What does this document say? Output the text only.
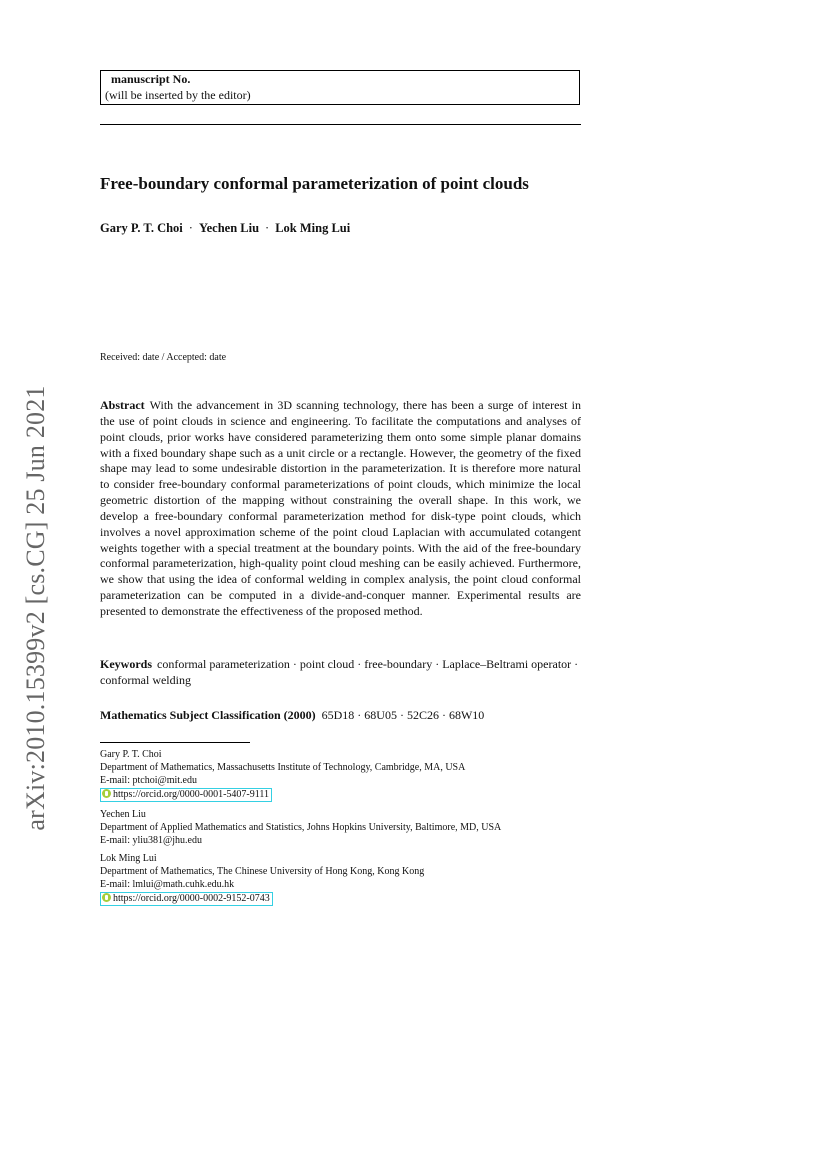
arXiv:2010.15399v2 [cs.CG] 25 Jun 2021
manuscript No.
(will be inserted by the editor)
Free-boundary conformal parameterization of point clouds
Gary P. T. Choi · Yechen Liu · Lok Ming Lui
Received: date / Accepted: date

Abstract With the advancement in 3D scanning technology, there has been a surge of interest in the use of point clouds in science and engineering. To facilitate the computations and analyses of point clouds, prior works have considered parameterizing them onto some simple planar domains with a fixed boundary shape such as a unit circle or a rectangle. However, the geometry of the fixed shape may lead to some undesirable distortion in the parameterization. It is therefore more natural to consider free-boundary conformal parameterizations of point clouds, which minimize the local geometric distortion of the mapping without constraining the overall shape. In this work, we develop a free-boundary conformal parameterization method for disk-type point clouds, which involves a novel approximation scheme of the point cloud Laplacian with accumulated cotangent weights together with a special treatment at the boundary points. With the aid of the free-boundary conformal parameterization, high-quality point cloud meshing can be easily achieved. Furthermore, we show that using the idea of conformal welding in complex analysis, the point cloud conformal parameterization can be computed in a divide-and-conquer manner. Experimental results are presented to demonstrate the effectiveness of the proposed method.

Keywords conformal parameterization · point cloud · free-boundary · Laplace–Beltrami operator · conformal welding

Mathematics Subject Classification (2000) 65D18 · 68U05 · 52C26 · 68W10

Gary P. T. Choi
Department of Mathematics, Massachusetts Institute of Technology, Cambridge, MA, USA
E-mail: ptchoi@mit.edu
https://orcid.org/0000-0001-5407-9111
Yechen Liu
Department of Applied Mathematics and Statistics, Johns Hopkins University, Baltimore, MD, USA
E-mail: yliu381@jhu.edu
Lok Ming Lui
Department of Mathematics, The Chinese University of Hong Kong, Kong Kong
E-mail: lmlui@math.cuhk.edu.hk
https://orcid.org/0000-0002-9152-0743
